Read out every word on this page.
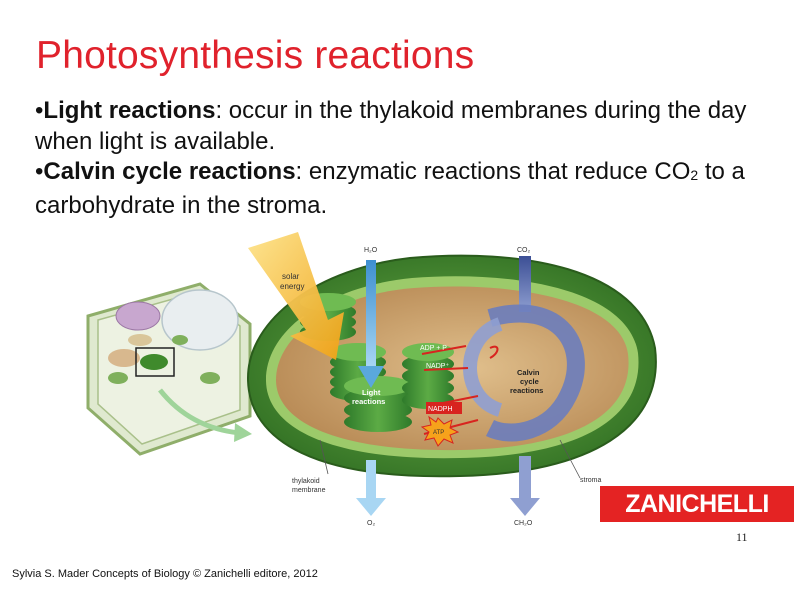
Photosynthesis reactions

•Light reactions: occur in the thylakoid membranes during the day when light is available.

•Calvin cycle reactions: enzymatic reactions that reduce $CO_2$ to a carbohydrate in the stroma.

solar
energy
H₂O	CO₂
O₂	CH₂O
ADP + P
NADP⁺
NADPH
ATP
Light
reactions
Calvin
cycle
reactions
stroma
thylakoid
membrane	ZANICHELLI
11
Sylvia S. Mader Concepts of Biology © Zanichelli editore, 2012
